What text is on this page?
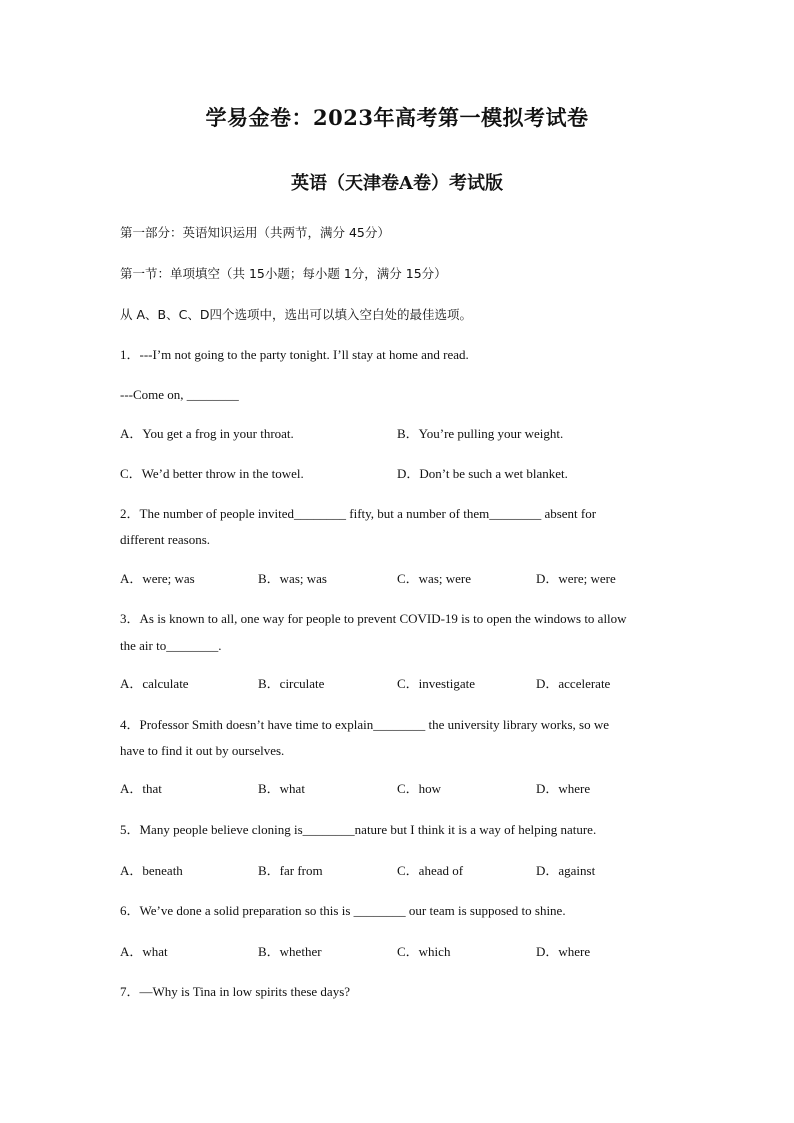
学易金卷：2023年高考第一模拟考试卷
英语（天津卷A卷）考试版
第一部分：英语知识运用（共两节，满分 45分）
第一节：单项填空（共 15小题；每小题 1分，满分 15分）
从 A、B、C、D四个选项中，选出可以填入空白处的最佳选项。
1．---I’m not going to the party tonight. I’ll stay at home and read.
---Come on, ________
A．You get a frog in your throat.	B．You’re pulling your weight.
C．We’d better throw in the towel.	D．Don’t be such a wet blanket.
2．The number of people invited________ fifty, but a number of them________ absent for
different reasons.
A．were; was	B．was; was	C．was; were	D．were; were
3．As is known to all, one way for people to prevent COVID-19 is to open the windows to allow
the air to________.
A．calculate	B．circulate	C．investigate	D．accelerate
4．Professor Smith doesn’t have time to explain________ the university library works, so we
have to find it out by ourselves.
A．that	B．what	C．how	D．where
5．Many people believe cloning is________nature but I think it is a way of helping nature.
A．beneath	B．far from	C．ahead of	D．against
6．We’ve done a solid preparation so this is ________ our team is supposed to shine.
A．what	B．whether	C．which	D．where
7．—Why is Tina in low spirits these days?
